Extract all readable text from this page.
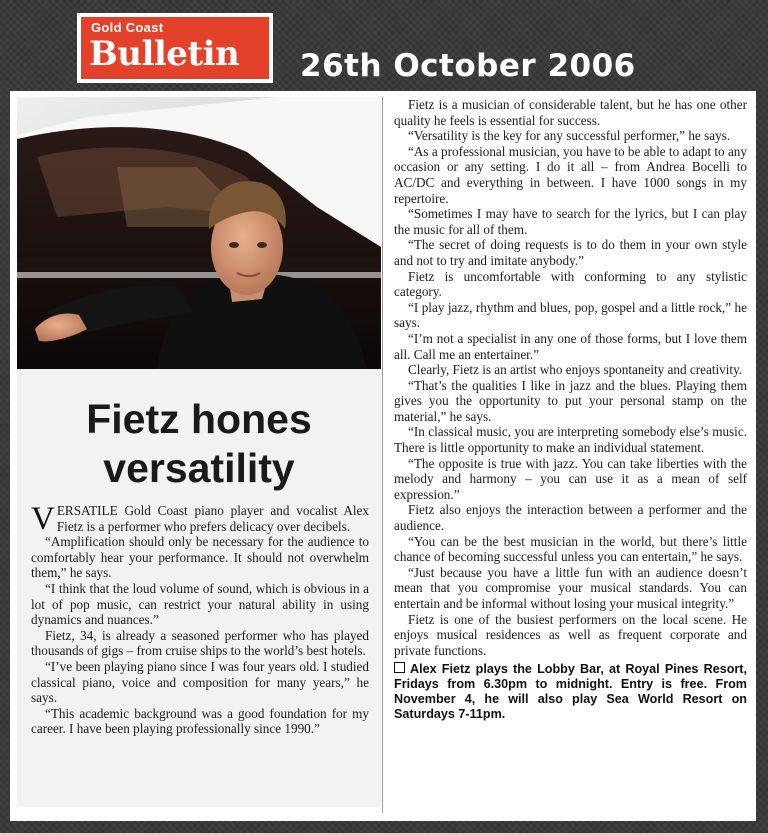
Gold Coast
Bulletin 26th October 2006
Fietz hones
versatility

VERSATILE Gold Coast piano player and vocalist Alex Fietz is a performer who prefers delicacy over decibels.

“Amplification should only be necessary for the audience to comfortably hear your performance. It should not overwhelm them,” he says.

“I think that the loud volume of sound, which is obvious in a lot of pop music, can restrict your natural ability in using dynamics and nuances.”

Fietz, 34, is already a seasoned performer who has played thousands of gigs – from cruise ships to the world’s best hotels.

“I’ve been playing piano since I was four years old. I studied classical piano, voice and composition for many years,” he says.

“This academic background was a good foundation for my career. I have been playing professionally since 1990.”

Fietz is a musician of considerable talent, but he has one other quality he feels is essential for success.

“Versatility is the key for any successful performer,” he says.

“As a professional musician, you have to be able to adapt to any occasion or any setting. I do it all – from Andrea Bocelli to AC/DC and everything in between. I have 1000 songs in my repertoire.

“Sometimes I may have to search for the lyrics, but I can play the music for all of them.

“The secret of doing requests is to do them in your own style and not to try and imitate anybody.”

Fietz is uncomfortable with conforming to any stylistic category.

“I play jazz, rhythm and blues, pop, gospel and a little rock,” he says.

“I’m not a specialist in any one of those forms, but I love them all. Call me an entertainer.”

Clearly, Fietz is an artist who enjoys spontaneity and creativity.

“That’s the qualities I like in jazz and the blues. Playing them gives you the opportunity to put your personal stamp on the material,” he says.

“In classical music, you are interpreting somebody else’s music. There is little opportunity to make an individual statement.

“The opposite is true with jazz. You can take liberties with the melody and harmony – you can use it as a mean of self expression.”

Fietz also enjoys the interaction between a performer and the audience.

“You can be the best musician in the world, but there’s little chance of becoming successful unless you can entertain,” he says.

“Just because you have a little fun with an audience doesn’t mean that you compromise your musical standards. You can entertain and be informal without losing your musical integrity.”

Fietz is one of the busiest performers on the local scene. He enjoys musical residences as well as frequent corporate and private functions.

Alex Fietz plays the Lobby Bar, at Royal Pines Resort, Fridays from 6.30pm to midnight. Entry is free. From November 4, he will also play Sea World Resort on Saturdays 7-11pm.
